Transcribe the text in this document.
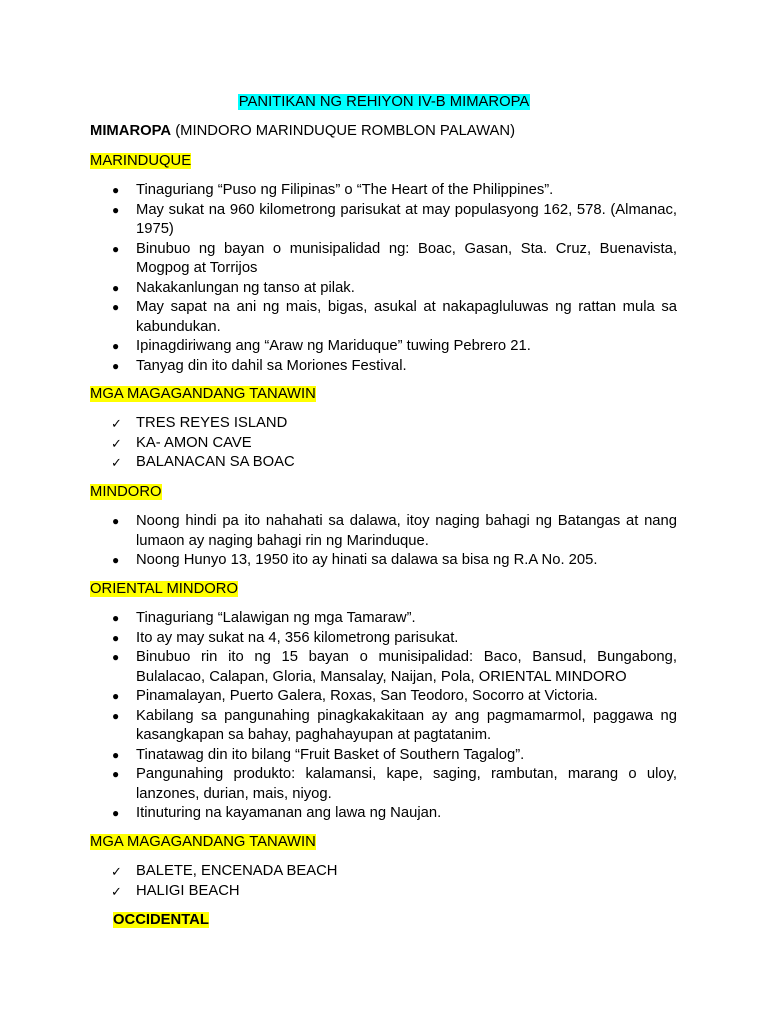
PANITIKAN NG REHIYON IV-B MIMAROPA
MIMAROPA (MINDORO MARINDUQUE ROMBLON PALAWAN)
MARINDUQUE
●	Tinaguriang “Puso ng Filipinas” o “The Heart of the Philippines”.
●	May sukat na 960 kilometrong parisukat at may populasyong 162, 578. (Almanac, 1975)
●	Binubuo ng bayan o munisipalidad ng: Boac, Gasan, Sta. Cruz, Buenavista, Mogpog at Torrijos
●	Nakakanlungan ng tanso at pilak.
●	May sapat na ani ng mais, bigas, asukal at nakapagluluwas ng rattan mula sa kabundukan.
●	Ipinagdiriwang ang “Araw ng Mariduque” tuwing Pebrero 21.
●	Tanyag din ito dahil sa Moriones Festival.
MGA MAGAGANDANG TANAWIN
✓ TRES REYES ISLAND
✓ KA- AMON CAVE
✓ BALANACAN SA BOAC
MINDORO
●	Noong hindi pa ito nahahati sa dalawa, itoy naging bahagi ng Batangas at nang lumaon ay naging bahagi rin ng Marinduque.
●	Noong Hunyo 13, 1950 ito ay hinati sa dalawa sa bisa ng R.A No. 205.
ORIENTAL MINDORO
●	Tinaguriang “Lalawigan ng mga Tamaraw”.
●	Ito ay may sukat na 4, 356 kilometrong parisukat.
●	Binubuo rin ito ng 15 bayan o munisipalidad: Baco, Bansud, Bungabong, Bulalacao, Calapan, Gloria, Mansalay, Naijan, Pola, ORIENTAL MINDORO
●	Pinamalayan, Puerto Galera, Roxas, San Teodoro, Socorro at Victoria.
●	Kabilang sa pangunahing pinagkakakitaan ay ang pagmamarmol, paggawa ng kasangkapan sa bahay, paghahayupan at pagtatanim.
●	Tinatawag din ito bilang “Fruit Basket of Southern Tagalog”.
●	Pangunahing produkto: kalamansi, kape, saging, rambutan, marang o uloy, lanzones, durian, mais, niyog.
●	Itinuturing na kayamanan ang lawa ng Naujan.
MGA MAGAGANDANG TANAWIN
✓ BALETE, ENCENADA BEACH
✓ HALIGI BEACH
OCCIDENTAL
